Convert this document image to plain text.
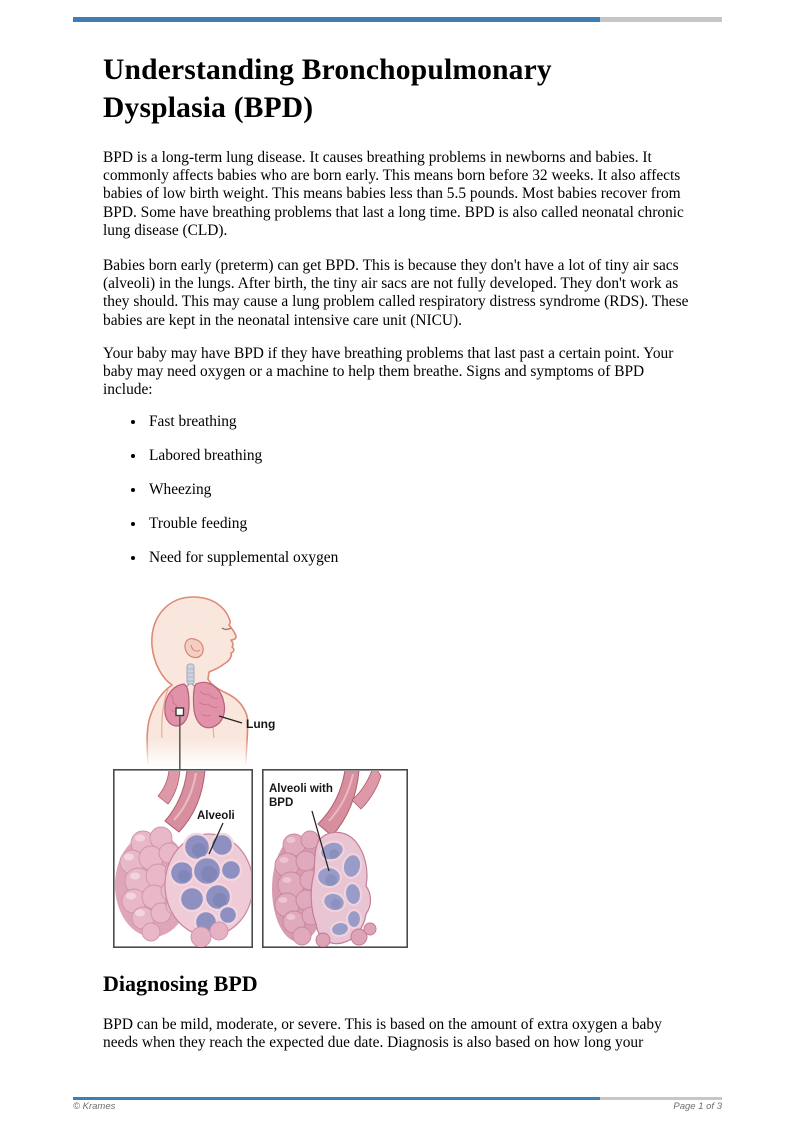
Understanding Bronchopulmonary
Dysplasia (BPD)

BPD is a long-term lung disease. It causes breathing problems in newborns and babies. It commonly affects babies who are born early. This means born before 32 weeks. It also affects babies of low birth weight. This means babies less than 5.5 pounds. Most babies recover from BPD. Some have breathing problems that last a long time. BPD is also called neonatal chronic lung disease (CLD).

Babies born early (preterm) can get BPD. This is because they don't have a lot of tiny air sacs (alveoli) in the lungs. After birth, the tiny air sacs are not fully developed. They don't work as they should. This may cause a lung problem called respiratory distress syndrome (RDS). These babies are kept in the neonatal intensive care unit (NICU).

Your baby may have BPD if they have breathing problems that last past a certain point. Your baby may need oxygen or a machine to help them breathe. Signs and symptoms of BPD include:

• Fast breathing
• Labored breathing
• Wheezing
• Trouble feeding
• Need for supplemental oxygen
Lung
Alveoli
Alveoli with
BPD
Diagnosing BPD

BPD can be mild, moderate, or severe. This is based on the amount of extra oxygen a baby needs when they reach the expected due date. Diagnosis is also based on how long your

© Krames	Page 1 of 3
